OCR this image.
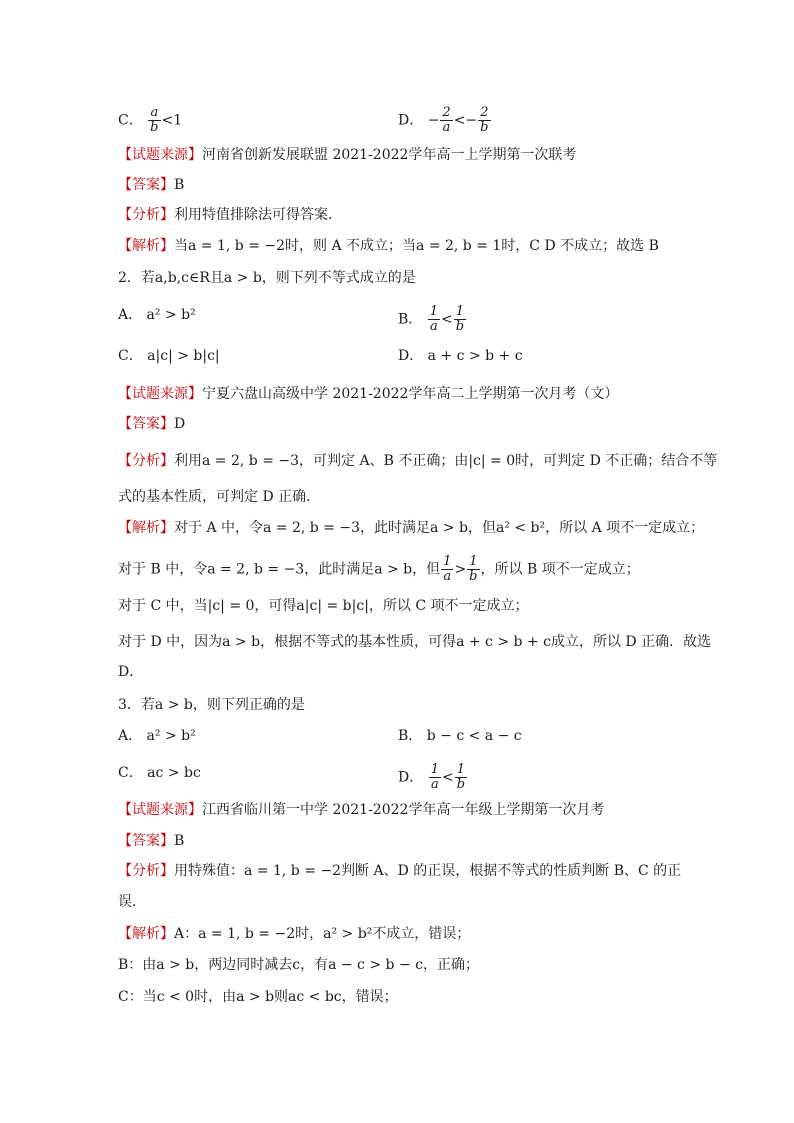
C． $\frac{a}{b} <1$	D． − $\frac{2}{a} <- \frac{2}{b}$
【试题来源】河南省创新发展联盟 2021-2022学年高一上学期第一次联考
【答案】B
【分析】利用特值排除法可得答案．
【解析】当a = 1, b = −2时，则 A 不成立；当a = 2, b = 1时，C D 不成立；故选 B
2．若a,b,c∈R且a > b，则下列不等式成立的是
A． a² > b²	B． $\frac{1}{a} < \frac{1}{b}$
C． a|c| > b|c|	D． a + c > b + c
【试题来源】宁夏六盘山高级中学 2021-2022学年高二上学期第一次月考（文）
【答案】D
【分析】利用a = 2, b = −3，可判定 A、B 不正确；由|c| = 0时，可判定 D 不正确；结合不等
式的基本性质，可判定 D 正确．
【解析】对于 A 中，令a = 2, b = −3，此时满足a > b，但a² < b²，所以 A 项不一定成立；
对于 B 中，令a = 2, b = −3，此时满足a > b，但 $\frac{1}{a} > \frac{1}{b}$ ，所以 B 项不一定成立；
对于 C 中，当|c| = 0，可得a|c| = b|c|，所以 C 项不一定成立；
对于 D 中，因为a > b，根据不等式的基本性质，可得a + c > b + c成立，所以 D 正确．故选
D．
3．若a > b，则下列正确的是
A． a² > b²	B． b − c < a − c
C． ac > bc	D． $\frac{1}{a} < \frac{1}{b}$
【试题来源】江西省临川第一中学 2021-2022学年高一年级上学期第一次月考
【答案】B
【分析】用特殊值：a = 1, b = −2判断 A、D 的正误，根据不等式的性质判断 B、C 的正
误．
【解析】A：a = 1, b = −2时，a² > b²不成立，错误；
B：由a > b，两边同时减去c，有a − c > b − c，正确；
C：当c < 0时，由a > b则ac < bc，错误；
